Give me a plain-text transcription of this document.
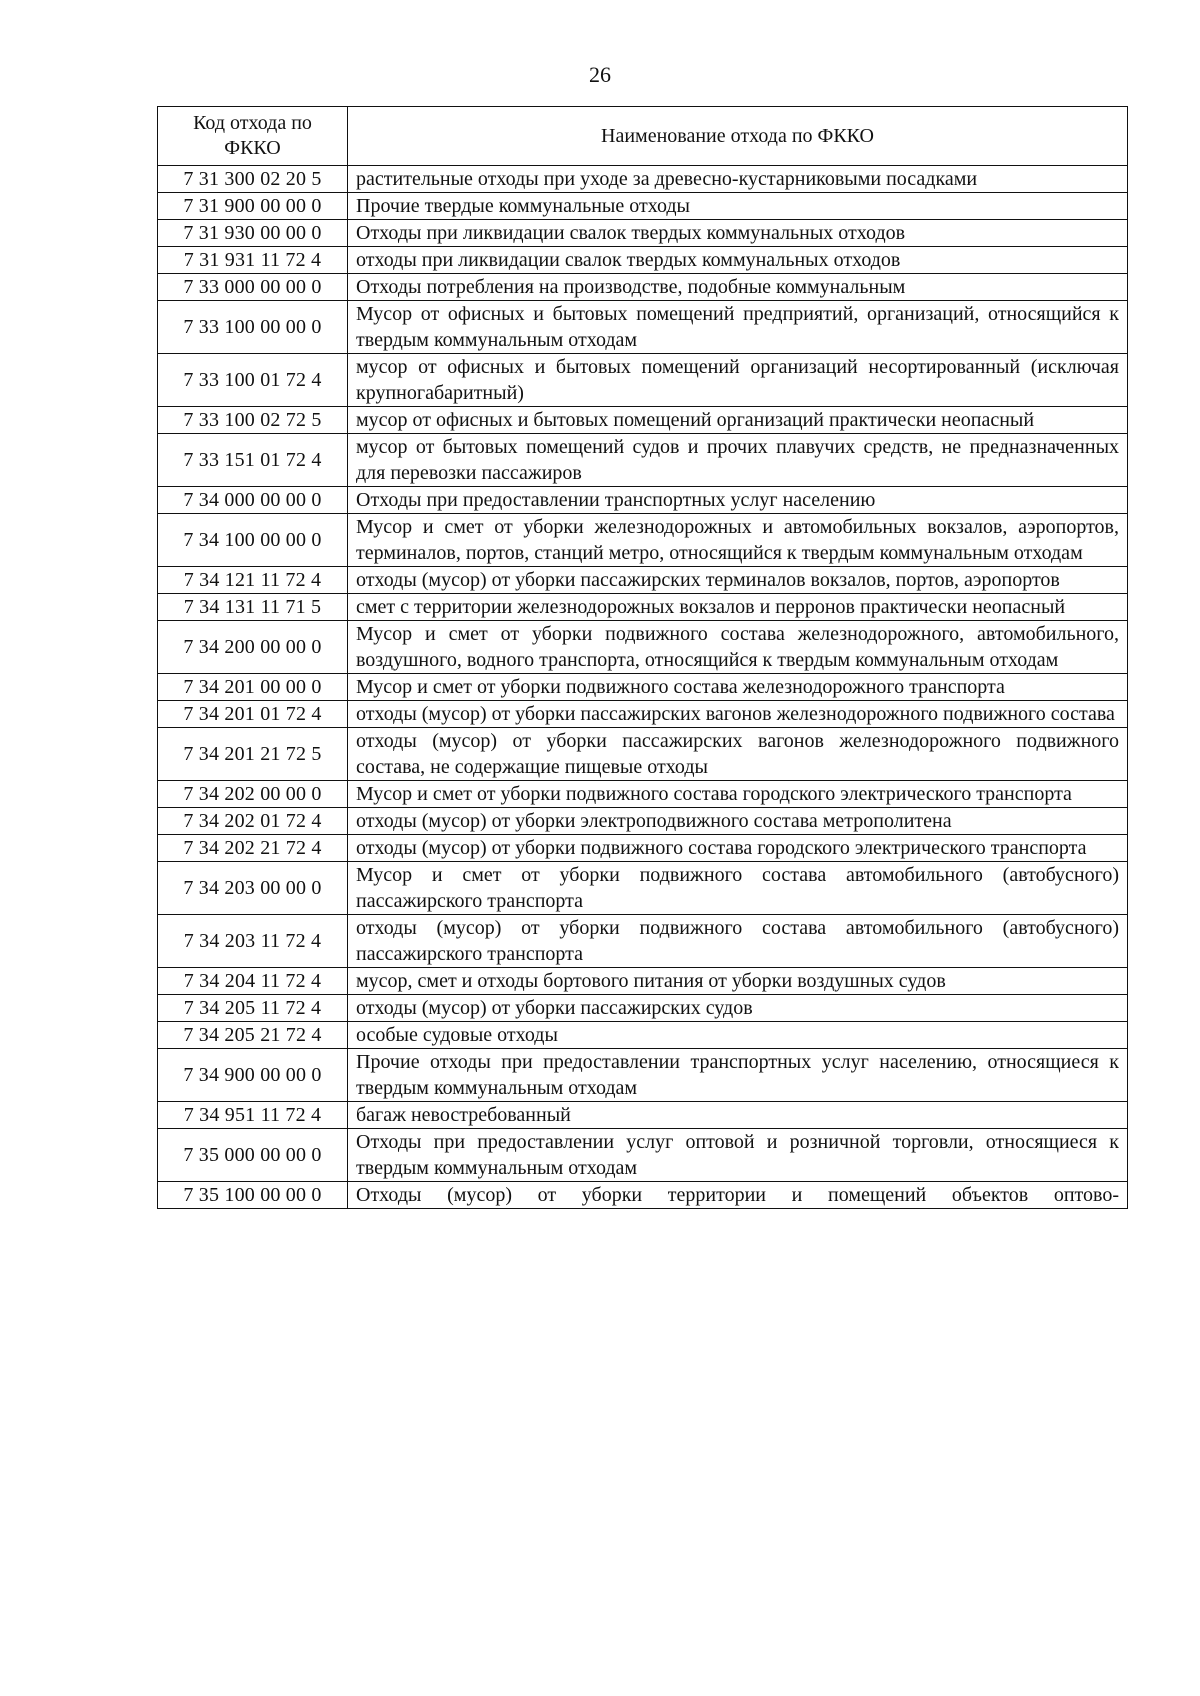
26
Код отхода по ФККО	Наименование отхода по ФККО
7 31 300 02 20 5	растительные отходы при уходе за древесно-кустарниковыми посадками
7 31 900 00 00 0	Прочие твердые коммунальные отходы
7 31 930 00 00 0	Отходы при ликвидации свалок твердых коммунальных отходов
7 31 931 11 72 4	отходы при ликвидации свалок твердых коммунальных отходов
7 33 000 00 00 0	Отходы потребления на производстве, подобные коммунальным
7 33 100 00 00 0	Мусор от офисных и бытовых помещений предприятий, организаций, относящийся к твердым коммунальным отходам
7 33 100 01 72 4	мусор от офисных и бытовых помещений организаций несортированный (исключая крупногабаритный)
7 33 100 02 72 5	мусор от офисных и бытовых помещений организаций практически неопасный
7 33 151 01 72 4	мусор от бытовых помещений судов и прочих плавучих средств, не предназначенных для перевозки пассажиров
7 34 000 00 00 0	Отходы при предоставлении транспортных услуг населению
7 34 100 00 00 0	Мусор и смет от уборки железнодорожных и автомобильных вокзалов, аэропортов, терминалов, портов, станций метро, относящийся к твердым коммунальным отходам
7 34 121 11 72 4	отходы (мусор) от уборки пассажирских терминалов вокзалов, портов, аэропортов
7 34 131 11 71 5	смет с территории железнодорожных вокзалов и перронов практически неопасный
7 34 200 00 00 0	Мусор и смет от уборки подвижного состава железнодорожного, автомобильного, воздушного, водного транспорта, относящийся к твердым коммунальным отходам
7 34 201 00 00 0	Мусор и смет от уборки подвижного состава железнодорожного транспорта
7 34 201 01 72 4	отходы (мусор) от уборки пассажирских вагонов железнодорожного подвижного состава
7 34 201 21 72 5	отходы (мусор) от уборки пассажирских вагонов железнодорожного подвижного состава, не содержащие пищевые отходы
7 34 202 00 00 0	Мусор и смет от уборки подвижного состава городского электрического транспорта
7 34 202 01 72 4	отходы (мусор) от уборки электроподвижного состава метрополитена
7 34 202 21 72 4	отходы (мусор) от уборки подвижного состава городского электрического транспорта
7 34 203 00 00 0	Мусор и смет от уборки подвижного состава автомобильного (автобусного) пассажирского транспорта
7 34 203 11 72 4	отходы (мусор) от уборки подвижного состава автомобильного (автобусного) пассажирского транспорта
7 34 204 11 72 4	мусор, смет и отходы бортового питания от уборки воздушных судов
7 34 205 11 72 4	отходы (мусор) от уборки пассажирских судов
7 34 205 21 72 4	особые судовые отходы
7 34 900 00 00 0	Прочие отходы при предоставлении транспортных услуг населению, относящиеся к твердым коммунальным отходам
7 34 951 11 72 4	багаж невостребованный
7 35 000 00 00 0	Отходы при предоставлении услуг оптовой и розничной торговли, относящиеся к твердым коммунальным отходам
7 35 100 00 00 0	Отходы (мусор) от уборки территории и помещений объектов оптово-
